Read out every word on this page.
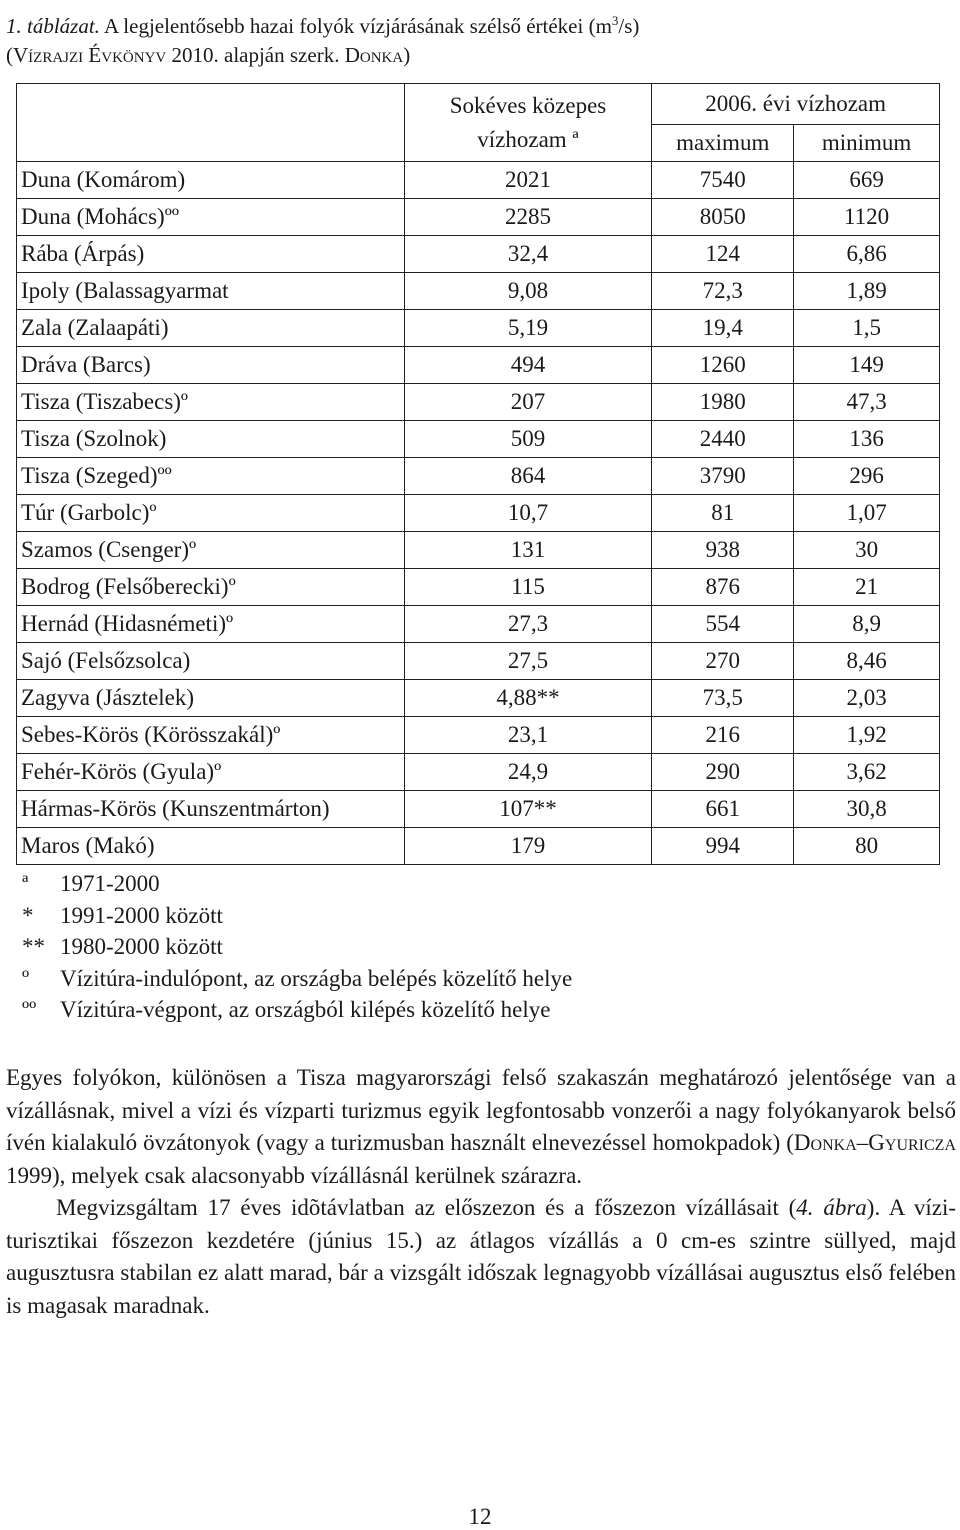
1. táblázat. A legjelentősebb hazai folyók vízjárásának szélső értékei $(m^3/s)$
(Vízrajzi Évkönyv 2010. alapján szerk. Donka)
	Sokéves közepes vízhozam ª	2006. évi vízhozam	
		maximum	minimum
Duna (Komárom)	2021	7540	669
Duna (Mohács)ºº	2285	8050	1120
Rába (Árpás)	32,4	124	6,86
Ipoly (Balassagyarmat	9,08	72,3	1,89
Zala (Zalaapáti)	5,19	19,4	1,5
Dráva (Barcs)	494	1260	149
Tisza (Tiszabecs)º	207	1980	47,3
Tisza (Szolnok)	509	2440	136
Tisza (Szeged)ºº	864	3790	296
Túr (Garbolc)º	10,7	81	1,07
Szamos (Csenger)º	131	938	30
Bodrog (Felsőberecki)º	115	876	21
Hernád (Hidasnémeti)º	27,3	554	8,9
Sajó (Felsőzsolca)	27,5	270	8,46
Zagyva (Jásztelek)	4,88**	73,5	2,03
Sebes-Körös (Körösszakál)º	23,1	216	1,92
Fehér-Körös (Gyula)º	24,9	290	3,62
Hármas-Körös (Kunszentmárton)	107**	661	30,8
Maros (Makó)	179	994	80
ª	1971-2000
*	1991-2000 között
** 1980-2000 között
º	Vízitúra-indulópont, az országba belépés közelítő helye
ºº	Vízitúra-végpont, az országból kilépés közelítő helye

Egyes folyókon, különösen a Tisza magyarországi felső szakaszán meghatározó jelentősége van a vízállásnak, mivel a vízi és vízparti turizmus egyik legfontosabb vonzerői a nagy folyókanyarok belső ívén kialakuló övzátonyok (vagy a turizmusban használt elnevezéssel homokpadok) (Donka–Gyuricza 1999), melyek csak alacsonyabb vízállásnál kerülnek szárazra.

Megvizsgáltam 17 éves idõtávlatban az előszezon és a főszezon vízállásait (4. ábra). A vízi-turisztikai főszezon kezdetére (június 15.) az átlagos vízállás a 0 cm-es szintre süllyed, majd augusztusra stabilan ez alatt marad, bár a vizsgált időszak legnagyobb vízállásai augusztus első felében is magasak maradnak.

12
